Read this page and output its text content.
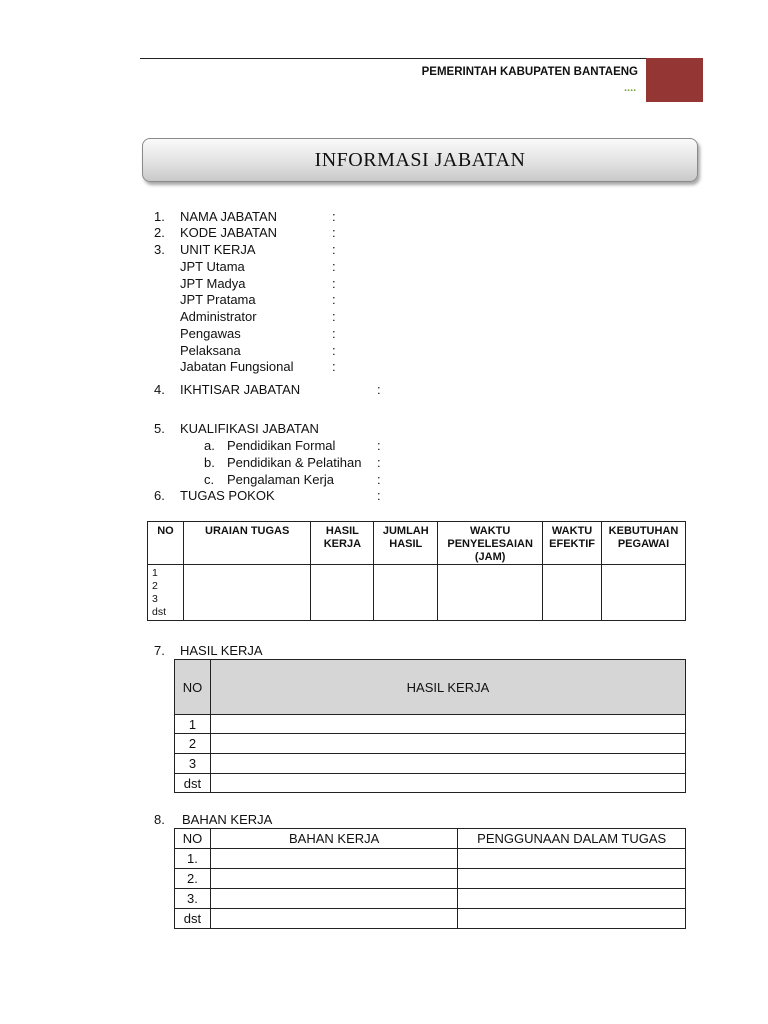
PEMERINTAH KABUPATEN BANTAENG
....
INFORMASI JABATAN
1. NAMA JABATAN	:
2. KODE JABATAN	:
3. UNIT KERJA	:
JPT Utama	:
JPT Madya	:
JPT Pratama	:
Administrator	:
Pengawas	:
Pelaksana	:
Jabatan Fungsional	:
4. IKHTISAR JABATAN	:
5. KUALIFIKASI JABATAN
a. Pendidikan Formal	:
b. Pendidikan & Pelatihan :
c. Pengalaman Kerja	:
6. TUGAS POKOK	:
NO	URAIAN TUGAS	HASIL KERJA	JUMLAH HASIL	WAKTU PENYELESAIAN (JAM)	WAKTU EFEKTIF	KEBUTUHAN PEGAWAI

1
2
3
dst						

7. HASIL KERJA
NO	HASIL KERJA
1	
2	
3	
dst	
8. BAHAN KERJA
NO	BAHAN KERJA	PENGGUNAAN DALAM TUGAS
1.		
2.		
3.		
dst		
